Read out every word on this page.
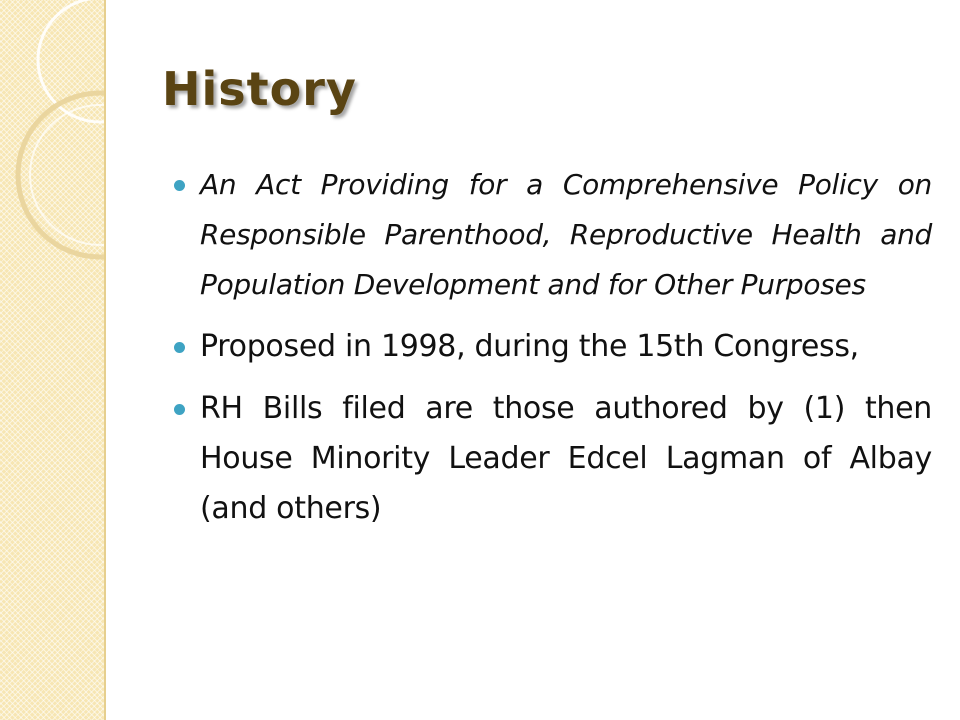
History
An Act Providing for a Comprehensive Policy on Responsible Parenthood, Reproductive Health and Population Development and for Other Purposes
Proposed in 1998, during the 15th Congress,
RH Bills filed are those authored by (1) then House Minority Leader Edcel Lagman of Albay (and others)
